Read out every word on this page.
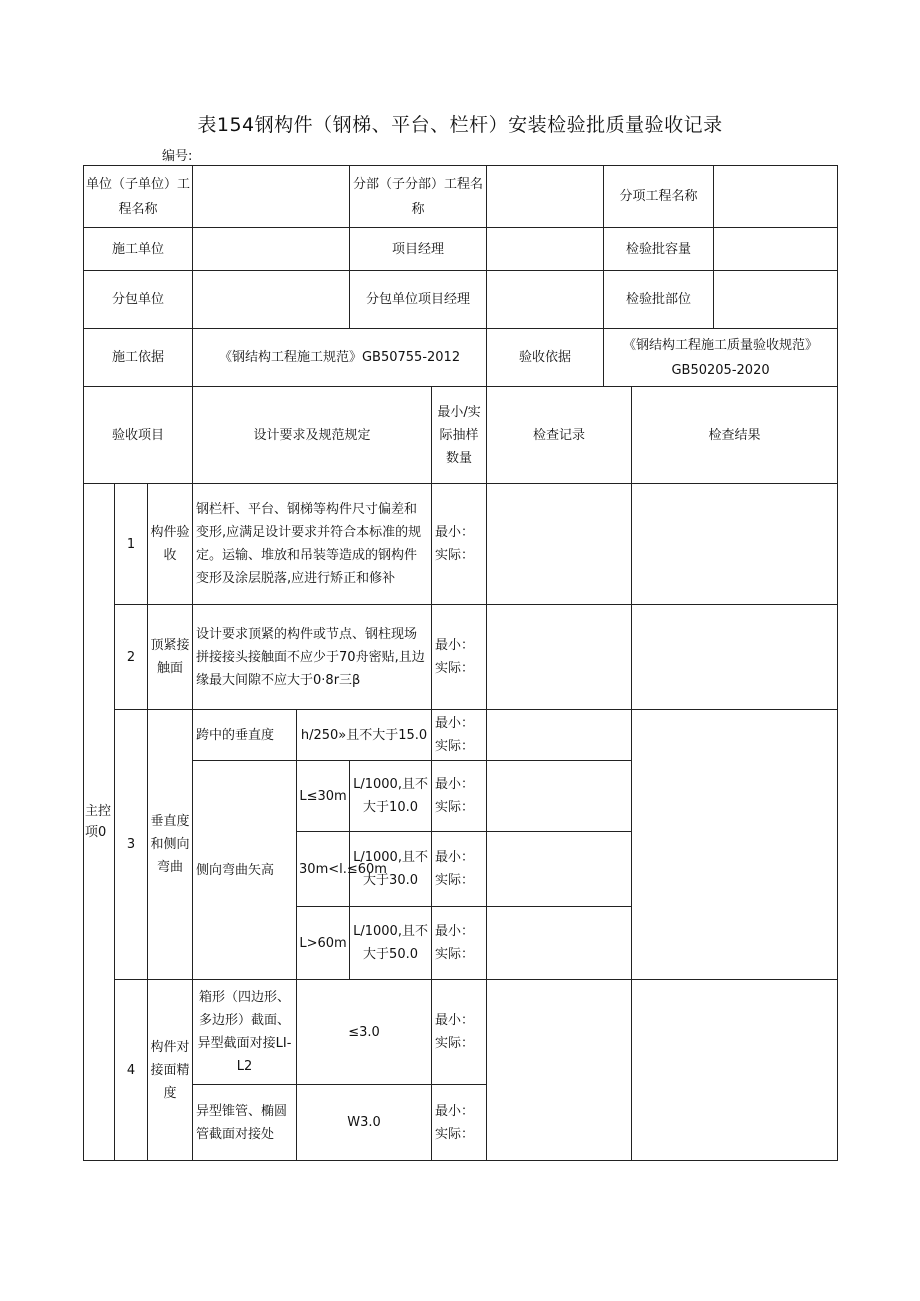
表154钢构件（钢梯、平台、栏杆）安装检验批质量验收记录
编号:
单位（子单位）工程名称					分部（子分部）工程名称			分项工程名称		
施工单位					项目经理			检验批容量		
分包单位					分包单位项目经理			检验批部位		
施工依据			《钢结构工程施工规范》GB50755-2012				验收依据	《钢结构工程施工质量验收规范》GB50205-2020		
验收项目			设计要求及规范规定			最小/实际抽样数量	检查记录		检查结果	
主控项0	1	构件验收	钢栏杆、平台、钢梯等构件尺寸偏差和变形,应满足设计要求并符合本标准的规定。运输、堆放和吊装等造成的钢构件变形及涂层脱落,应进行矫正和修补			最小：实际：				
	2	顶紧接触面	设计要求顶紧的构件或节点、钢柱现场拼接接头接触面不应少于70舟密贴,且边缘最大间隙不应大于0·8r三β			最小：实际：				
	3	垂直度和侧向弯曲	跨中的垂直度	h/250»且不大于15.0		最小：实际：				
			侧向弯曲矢高	L≤30m	L/1000,且不大于10.0	最小：实际：				
				30m<l.≤60m	L/1000,且不大于30.0	最小：实际：				
				L>60m	L/1000,且不大于50.0	最小：实际：				
	4	构件对接面精度	箱形（四边形、多边形）截面、异型截面对接LI-L2	≤3.0		最小：实际：				
			异型锥管、椭圆管截面对接处	W3.0		最小：实际：				
